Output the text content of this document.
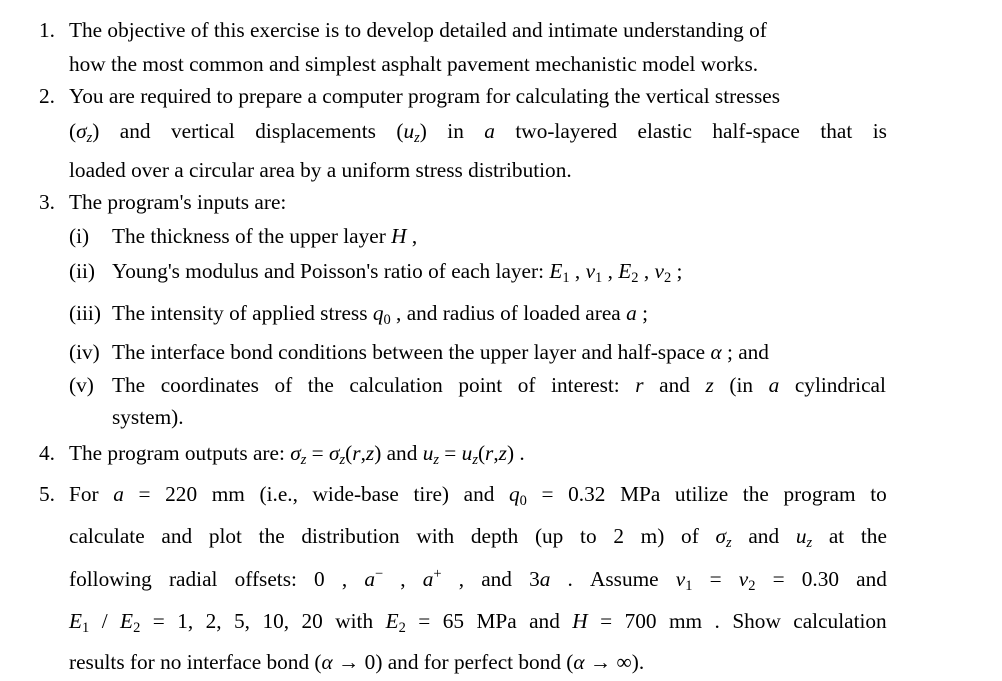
1. The objective of this exercise is to develop detailed and intimate understanding of
how the most common and simplest asphalt pavement mechanistic model works.
2. You are required to prepare a computer program for calculating the vertical stresses
$(\sigma_z)$ and vertical displacements $(u_z)$ in a two-layered elastic half-space that is
loaded over a circular area by a uniform stress distribution.
3. The program's inputs are:
(i) The thickness of the upper layer H ,
(ii) Young's modulus and Poisson's ratio of each layer: $E_1$ , $\nu_1$ , $E_2$ , $\nu_2$ ;
(iii) The intensity of applied stress $q_0$ , and radius of loaded area a ;
(iv) The interface bond conditions between the upper layer and half-space α ; and
(v) The coordinates of the calculation point of interest: r and z (in a cylindrical
system).
4. The program outputs are: $\sigma_z = \sigma_z(r,z)$ and $u_z = u_z(r,z)$ .
5. For a = 220 mm (i.e., wide-base tire) and $q_0 = 0.32$ MPa utilize the program to
calculate and plot the distribution with depth (up to 2 m) of $\sigma_z$ and $u_z$ at the
following radial offsets: 0 , a− , a+ , and 3a . Assume $\nu_1 = \nu_2 = 0.30$ and
$E_1 / E_2 = 1$, 2, 5, 10, 20 with $E_2 = 65$ MPa and H = 700 mm . Show calculation
results for no interface bond (α → 0) and for perfect bond (α → ∞).
